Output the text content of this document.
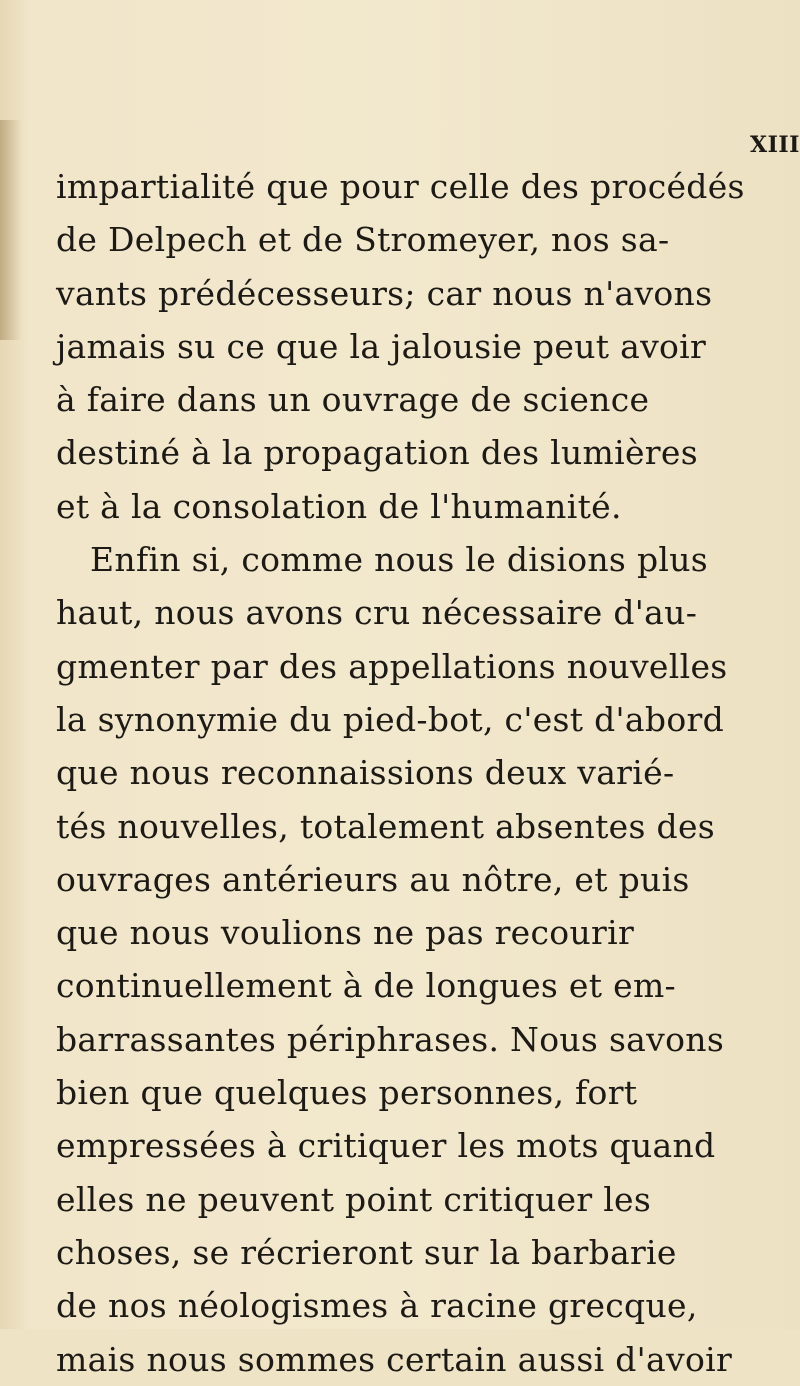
XIII
impartialité que pour celle des procédés
de Delpech et de Stromeyer, nos sa-
vants prédécesseurs; car nous n'avons
jamais su ce que la jalousie peut avoir
à faire dans un ouvrage de science
destiné à la propagation des lumières
et à la consolation de l'humanité.
Enfin si, comme nous le disions plus
haut, nous avons cru nécessaire d'au-
gmenter par des appellations nouvelles
la synonymie du pied-bot, c'est d'abord
que nous reconnaissions deux varié-
tés nouvelles, totalement absentes des
ouvrages antérieurs au nôtre, et puis
que nous voulions ne pas recourir
continuellement à de longues et em-
barrassantes périphrases. Nous savons
bien que quelques personnes, fort
empressées à critiquer les mots quand
elles ne peuvent point critiquer les
choses, se récrieront sur la barbarie
de nos néologismes à racine grecque,
mais nous sommes certain aussi d'avoir
